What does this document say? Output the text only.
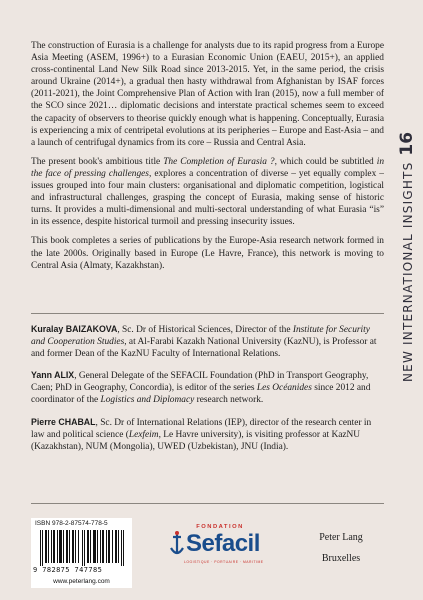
The construction of Eurasia is a challenge for analysts due to its rapid progress from a Europe Asia Meeting (ASEM, 1996+) to a Eurasian Economic Union (EAEU, 2015+), an applied cross-continental Land New Silk Road since 2013-2015. Yet, in the same period, the crisis around Ukraine (2014+), a gradual then hasty withdrawal from Afghanistan by ISAF forces (2011-2021), the Joint Comprehensive Plan of Action with Iran (2015), now a full member of the SCO since 2021… diplomatic decisions and interstate practical schemes seem to exceed the capacity of observers to theorise quickly enough what is happening. Conceptually, Eurasia is experiencing a mix of centripetal evolutions at its peripheries – Europe and East-Asia – and a launch of centrifugal dynamics from its core – Russia and Central Asia.

The present book's ambitious title The Completion of Eurasia ?, which could be subtitled in the face of pressing challenges, explores a concentration of diverse – yet equally complex – issues grouped into four main clusters: organisational and diplomatic competition, logistical and infrastructural challenges, grasping the concept of Eurasia, making sense of historic turns. It provides a multi-dimensional and multi-sectoral understanding of what Eurasia “is” in its essence, despite historical turmoil and pressing insecurity issues.

This book completes a series of publications by the Europe-Asia research network formed in the late 2000s. Originally based in Europe (Le Havre, France), this network is moving to Central Asia (Almaty, Kazakhstan).

Kuralay BAIZAKOVA, Sc. Dr of Historical Sciences, Director of the Institute for Security and Cooperation Studies, at Al-Farabi Kazakh National University (KazNU), is Professor at and former Dean of the KazNU Faculty of International Relations.

Yann ALIX, General Delegate of the SEFACIL Foundation (PhD in Transport Geography, Caen; PhD in Geography, Concordia), is editor of the series Les Océanides since 2012 and coordinator of the Logistics and Diplomacy research network.

Pierre CHABAL, Sc. Dr of International Relations (IEP), director of the research center in law and political science (Lexfeim, Le Havre university), is visiting professor at KazNU (Kazakhstan), NUM (Mongolia), UWED (Uzbekistan), JNU (India).

NEW INTERNATIONAL INSIGHTS16
ISBN 978-2-87574-778-5
9 782875 747785
www.peterlang.com
FONDATION
Sefacil
LOGISTIQUE · PORTUAIRE · MARITIME
Peter Lang
Bruxelles
